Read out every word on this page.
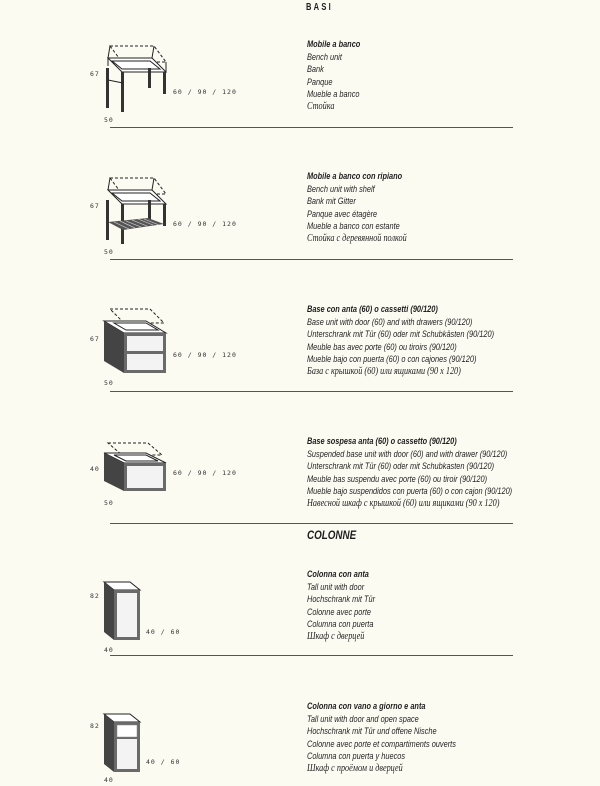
BASI
67
60 / 90 / 120
50
Mobile a banco
Bench unit
Bank
Panque
Mueble a banco
Стойка
67
60 / 90 / 120
50
Mobile a banco con ripiano
Bench unit with shelf
Bank mit Gitter
Panque avec étagère
Mueble a banco con estante
Стойка с деревянной полкой
67
60 / 90 / 120
50
Base con anta (60) o cassetti (90/120)
Base unit with door (60) and with drawers (90/120)
Unterschrank mit Tür (60) oder mit Schubkästen (90/120)
Meuble bas avec porte (60) ou tiroirs (90/120)
Mueble bajo con puerta (60) o con cajones (90/120)
База с крышкой (60) или ящиками (90 x 120)
40	60 / 90 / 120
50
Base sospesa anta (60) o cassetto (90/120)
Suspended base unit with door (60) and with drawer (90/120)
Unterschrank mit Tür (60) oder mit Schubkasten (90/120)
Meuble bas suspendu avec porte (60) ou tiroir (90/120)
Mueble bajo suspendidos con puerta (60) o con cajon (90/120)
Навесной шкаф с крышкой (60) или ящиками (90 x 120)
COLONNE
82
40 / 60
40
Colonna con anta
Tall unit with door
Hochschrank mit Tür
Colonne avec porte
Columna con puerta
Шкаф с дверцей
82
40 / 60
40
Colonna con vano a giorno e anta
Tall unit with door and open space
Hochschrank mit Tür und offene Nische
Colonne avec porte et compartiments ouverts
Columna con puerta y huecos
Шкаф с проёмом и дверцей
